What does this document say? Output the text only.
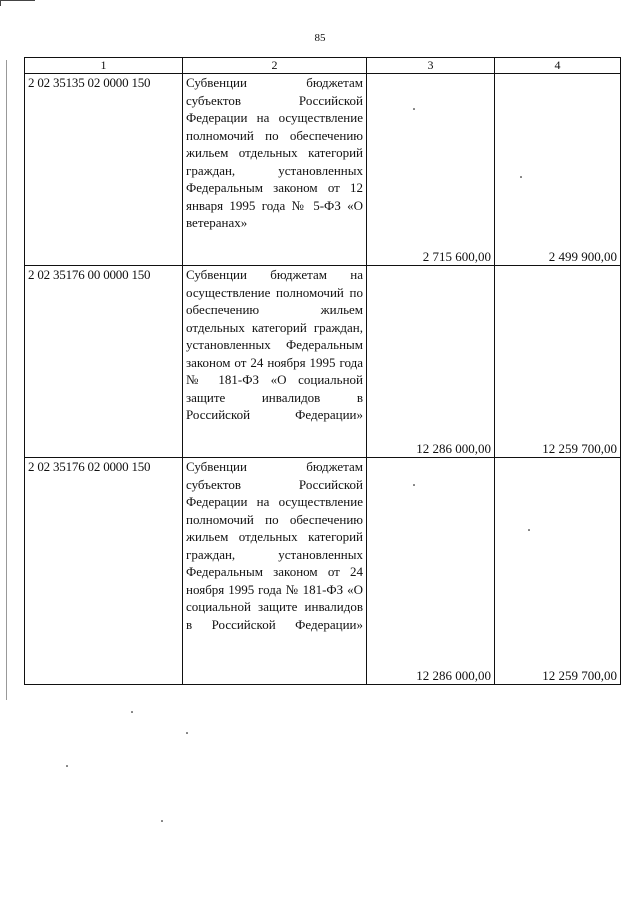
85
1	2	3	4
2 02 35135 02 0000 150	Субвенции бюджетам субъектов Российской Федерации на осуществление полномочий по обеспечению жильем отдельных категорий граждан, установленных Федеральным законом от 12 января 1995 года № 5-ФЗ «О ветеранах»	2 715 600,00	2 499 900,00
2 02 35176 00 0000 150	Субвенции бюджетам на осуществление полномочий по обеспечению жильем отдельных категорий граждан, установленных Федеральным законом от 24 ноября 1995 года № 181-ФЗ «О социальной защите инвалидов в Российской Федерации»	12 286 000,00	12 259 700,00
2 02 35176 02 0000 150	Субвенции бюджетам субъектов Российской Федерации на осуществление полномочий по обеспечению жильем отдельных категорий граждан, установленных Федеральным законом от 24 ноября 1995 года № 181-ФЗ «О социальной защите инвалидов в Российской Федерации»	12 286 000,00	12 259 700,00
